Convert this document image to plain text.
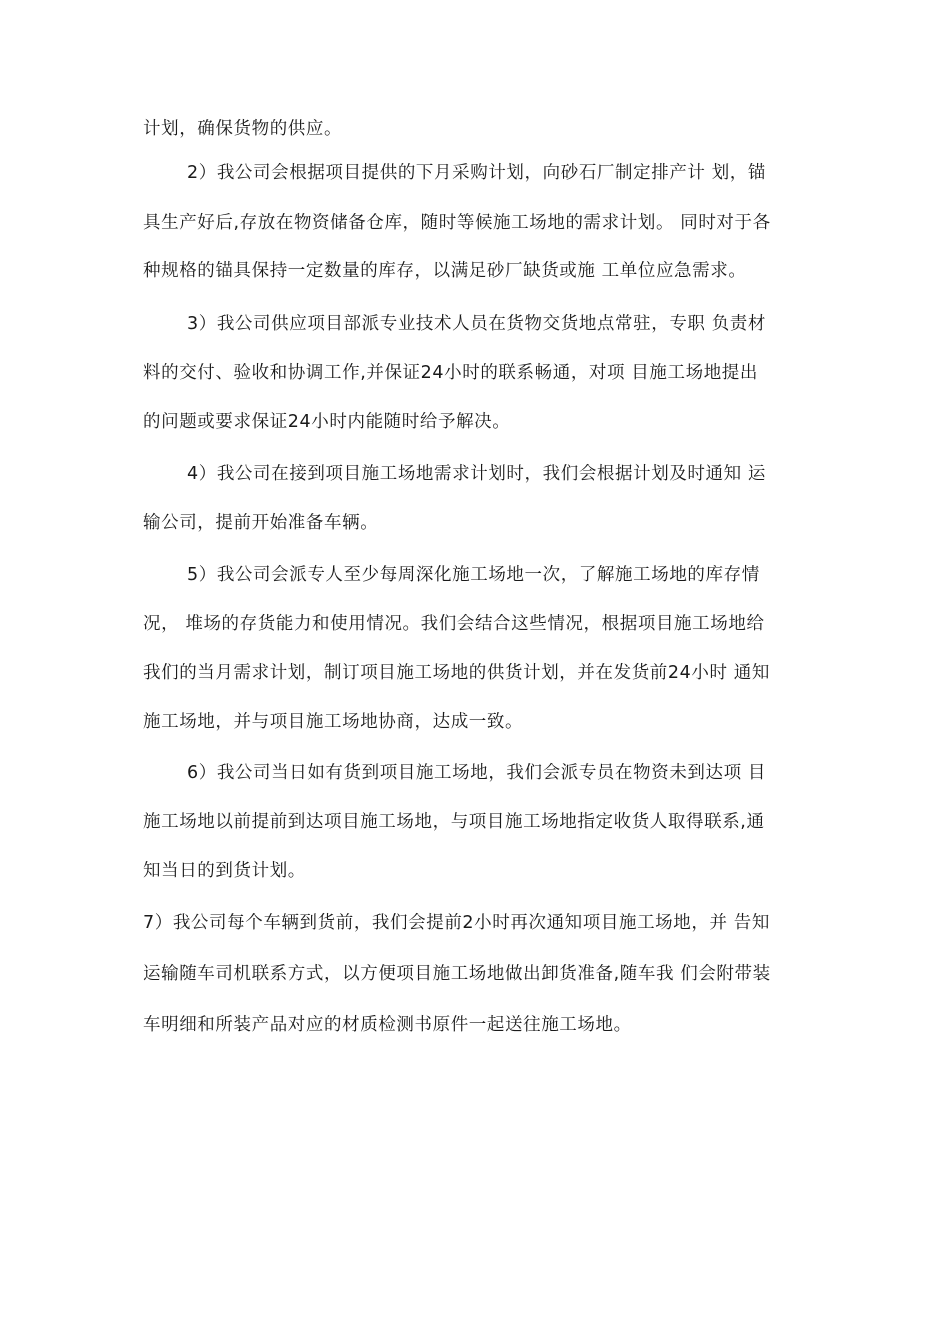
计划，确保货物的供应。
2）我公司会根据项目提供的下月采购计划，向砂石厂制定排产计 划，锚
具生产好后,存放在物资储备仓库，随时等候施工场地的需求计划。 同时对于各
种规格的锚具保持一定数量的库存，以满足砂厂缺货或施 工单位应急需求。
3）我公司供应项目部派专业技术人员在货物交货地点常驻，专职 负责材
料的交付、验收和协调工作,并保证24小时的联系畅通，对项 目施工场地提出
的问题或要求保证24小时内能随时给予解决。
4）我公司在接到项目施工场地需求计划时，我们会根据计划及时通知 运
输公司，提前开始准备车辆。
5）我公司会派专人至少每周深化施工场地一次，了解施工场地的库存情
况， 堆场的存货能力和使用情况。我们会结合这些情况，根据项目施工场地给
我们的当月需求计划，制订项目施工场地的供货计划，并在发货前24小时 通知
施工场地，并与项目施工场地协商，达成一致。
6）我公司当日如有货到项目施工场地，我们会派专员在物资未到达项 目
施工场地以前提前到达项目施工场地，与项目施工场地指定收货人取得联系,通
知当日的到货计划。
7）我公司每个车辆到货前，我们会提前2小时再次通知项目施工场地，并 告知
运输随车司机联系方式，以方便项目施工场地做出卸货准备,随车我 们会附带装
车明细和所装产品对应的材质检测书原件一起送往施工场地。
